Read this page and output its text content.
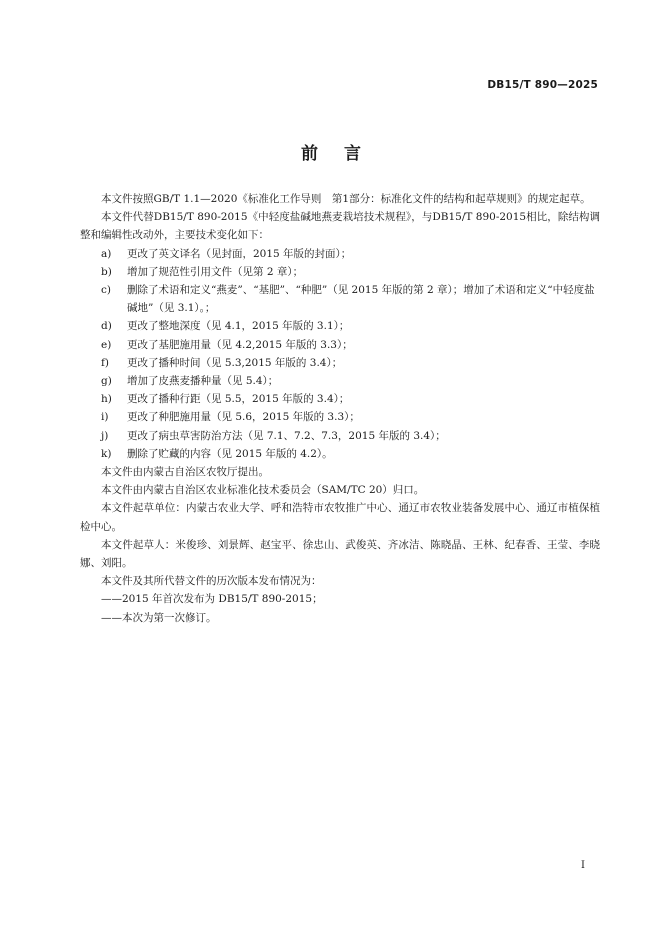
DB15/T 890—2025
前言

本文件按照GB/T 1.1—2020《标准化工作导则　第1部分：标准化文件的结构和起草规则》的规定起草。

本文件代替DB15/T 890-2015《中轻度盐碱地燕麦栽培技术规程》，与DB15/T 890-2015相比，除结构调整和编辑性改动外，主要技术变化如下：

a) 更改了英文译名（见封面，2015 年版的封面）；
b) 增加了规范性引用文件（见第 2 章）；
c) 删除了术语和定义“燕麦”、“基肥”、“种肥”（见 2015 年版的第 2 章）；增加了术语和定义“中轻度盐碱地”（见 3.1）。；
d) 更改了整地深度（见 4.1，2015 年版的 3.1）；
e) 更改了基肥施用量（见 4.2,2015 年版的 3.3）；
f) 更改了播种时间（见 5.3,2015 年版的 3.4）；
g) 增加了皮燕麦播种量（见 5.4）；
h) 更改了播种行距（见 5.5，2015 年版的 3.4）；
i) 更改了种肥施用量（见 5.6，2015 年版的 3.3）；
j) 更改了病虫草害防治方法（见 7.1、7.2、7.3，2015 年版的 3.4）；
k) 删除了贮藏的内容（见 2015 年版的 4.2）。

本文件由内蒙古自治区农牧厅提出。

本文件由内蒙古自治区农业标准化技术委员会（SAM/TC 20）归口。

本文件起草单位：内蒙古农业大学、呼和浩特市农牧推广中心、通辽市农牧业装备发展中心、通辽市植保植检中心。

本文件起草人：米俊珍、刘景辉、赵宝平、徐忠山、武俊英、齐冰洁、陈晓晶、王林、纪春香、王莹、李晓娜、刘阳。

本文件及其所代替文件的历次版本发布情况为：

——2015 年首次发布为 DB15/T 890-2015；

——本次为第一次修订。

I
